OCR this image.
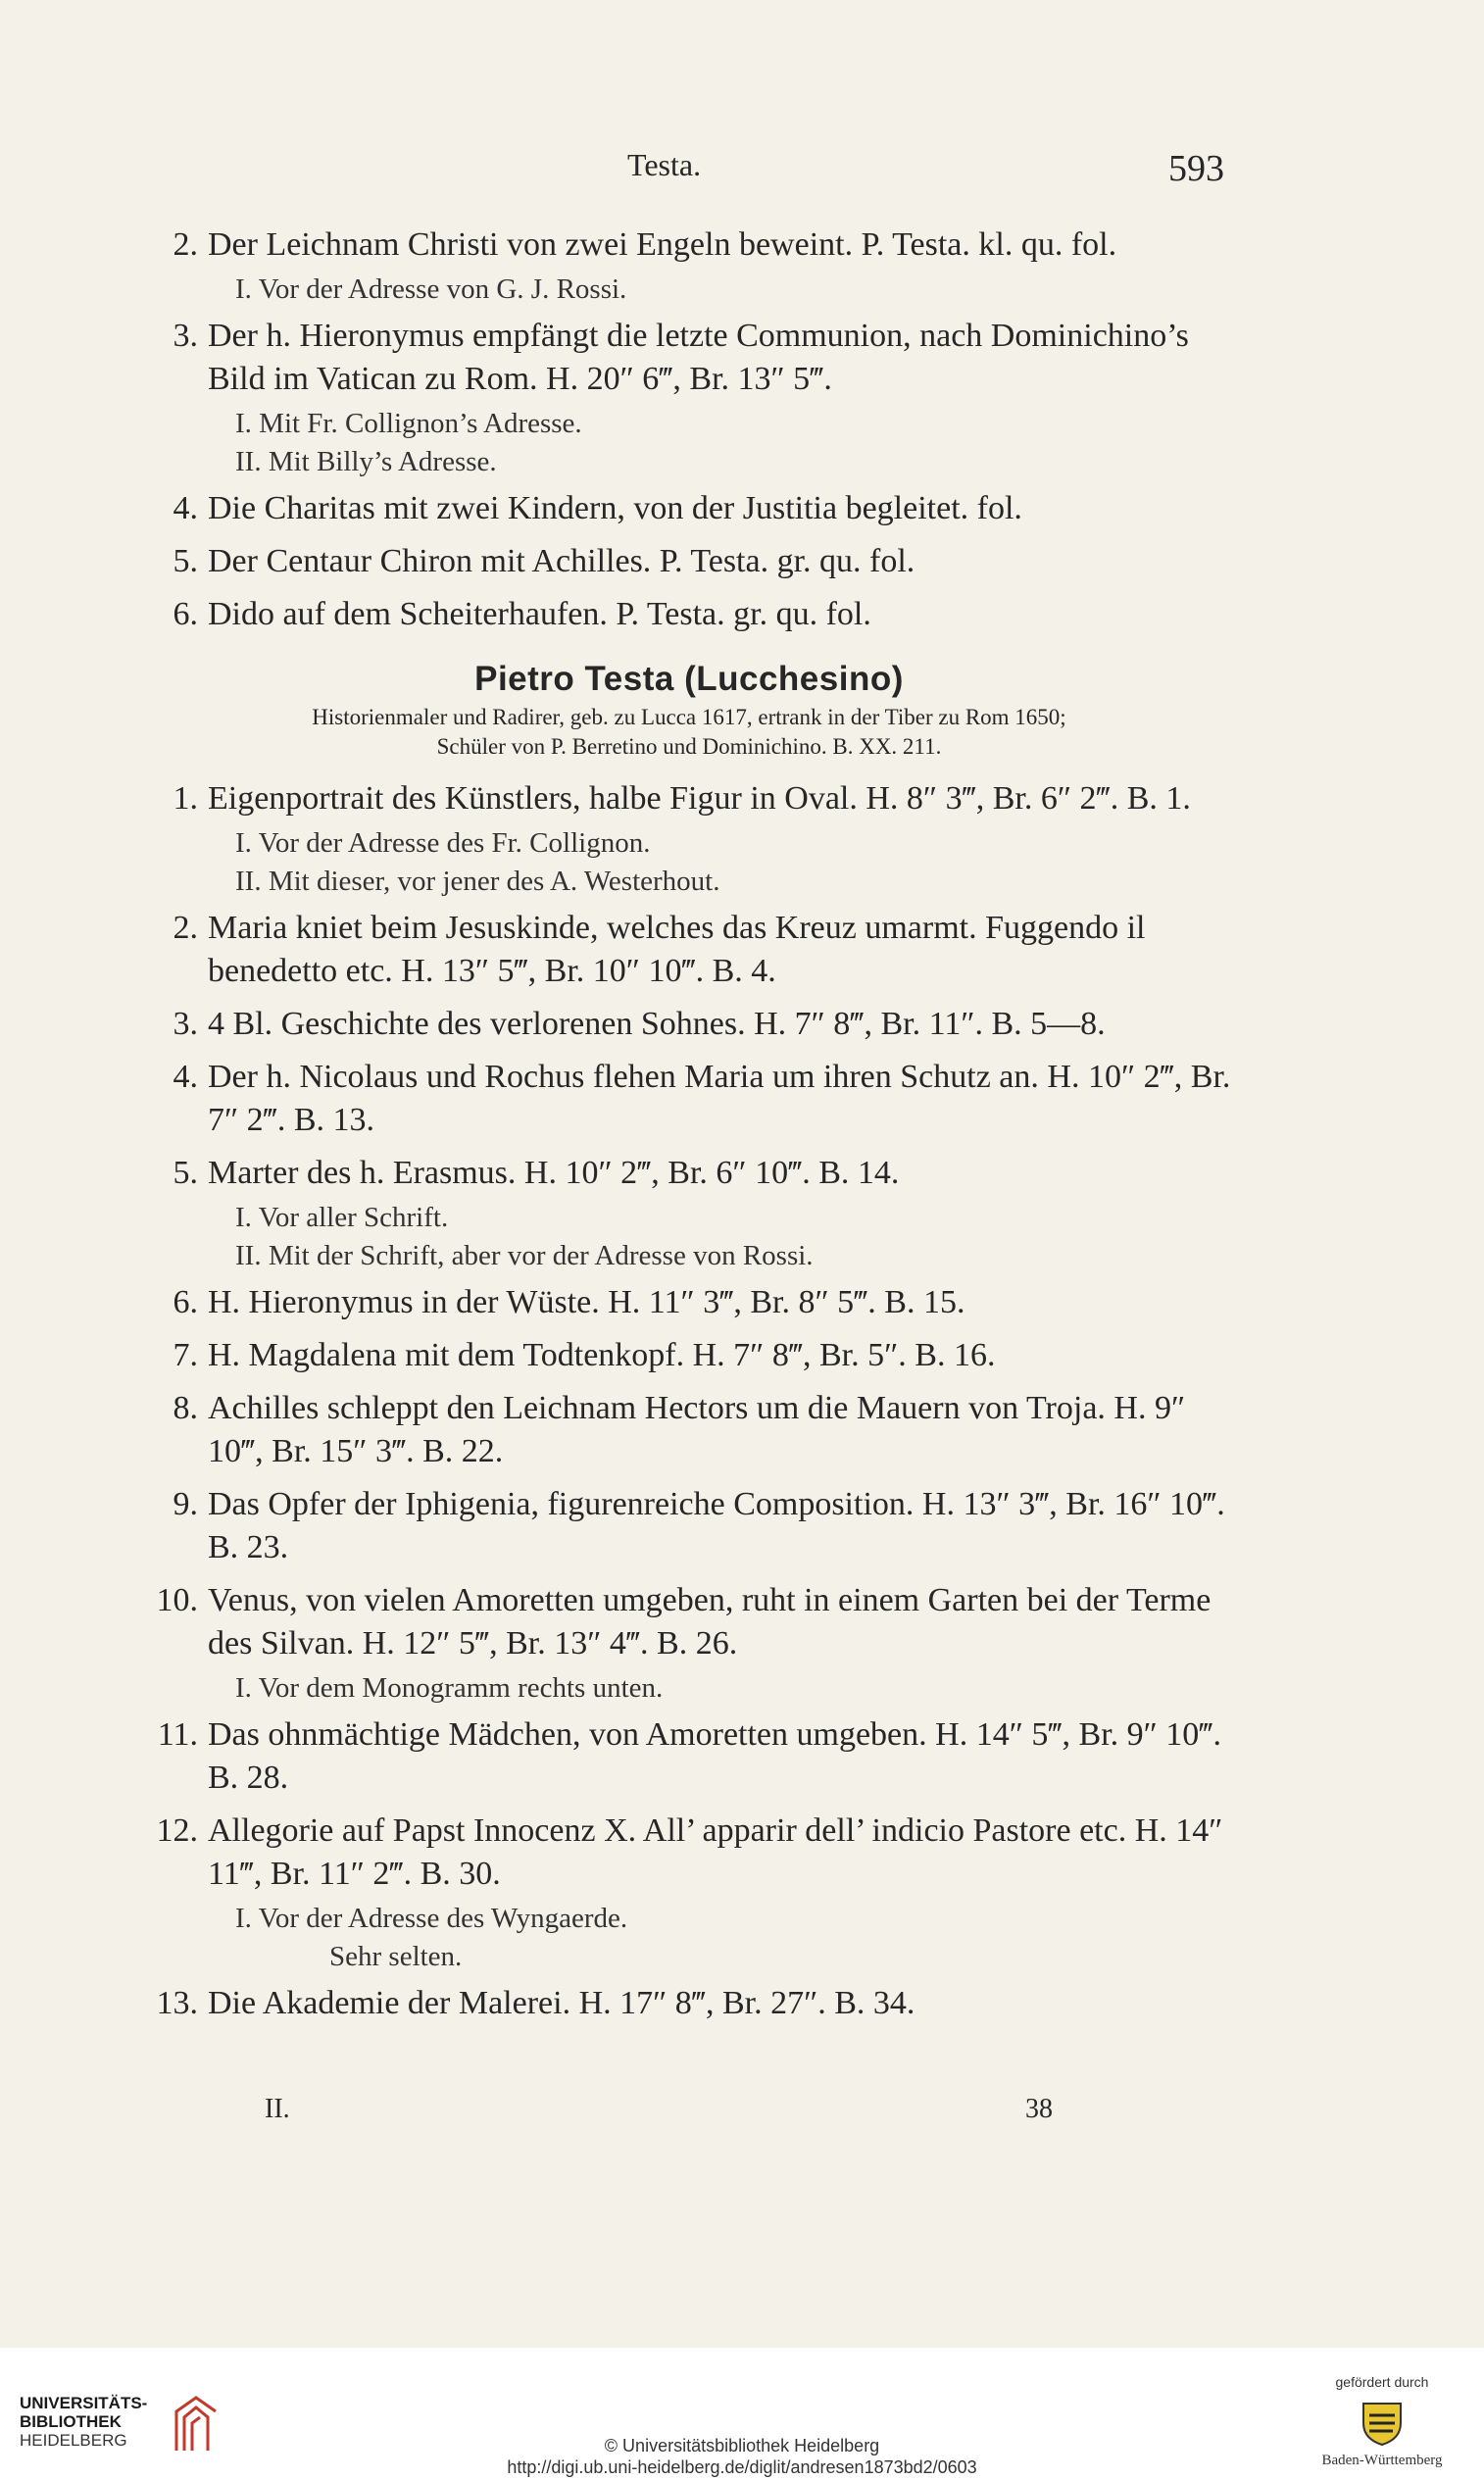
Testa.	593
2. Der Leichnam Christi von zwei Engeln beweint. P. Testa. kl. qu. fol.
I. Vor der Adresse von G. J. Rossi.
3. Der h. Hieronymus empfängt die letzte Communion, nach Dominichino’s Bild im Vatican zu Rom. H. 20″ 6‴, Br. 13″ 5‴.
I. Mit Fr. Collignon’s Adresse.
II. Mit Billy’s Adresse.
4. Die Charitas mit zwei Kindern, von der Justitia begleitet. fol.
5. Der Centaur Chiron mit Achilles. P. Testa. gr. qu. fol.
6. Dido auf dem Scheiterhaufen. P. Testa. gr. qu. fol.
Pietro Testa (Lucchesino)
Historienmaler und Radirer, geb. zu Lucca 1617, ertrank in der Tiber zu Rom 1650;
Schüler von P. Berretino und Dominichino. B. XX. 211.
1. Eigenportrait des Künstlers, halbe Figur in Oval. H. 8″ 3‴, Br. 6″ 2‴. B. 1.
I. Vor der Adresse des Fr. Collignon.
II. Mit dieser, vor jener des A. Westerhout.
2. Maria kniet beim Jesuskinde, welches das Kreuz umarmt. Fuggendo il benedetto etc. H. 13″ 5‴, Br. 10″ 10‴. B. 4.
3. 4 Bl. Geschichte des verlorenen Sohnes. H. 7″ 8‴, Br. 11″. B. 5—8.
4. Der h. Nicolaus und Rochus flehen Maria um ihren Schutz an. H. 10″ 2‴, Br. 7″ 2‴. B. 13.
5. Marter des h. Erasmus. H. 10″ 2‴, Br. 6″ 10‴. B. 14.
I. Vor aller Schrift.
II. Mit der Schrift, aber vor der Adresse von Rossi.
6. H. Hieronymus in der Wüste. H. 11″ 3‴, Br. 8″ 5‴. B. 15.
7. H. Magdalena mit dem Todtenkopf. H. 7″ 8‴, Br. 5″. B. 16.
8. Achilles schleppt den Leichnam Hectors um die Mauern von Troja. H. 9″ 10‴, Br. 15″ 3‴. B. 22.
9. Das Opfer der Iphigenia, figurenreiche Composition. H. 13″ 3‴, Br. 16″ 10‴. B. 23.
10. Venus, von vielen Amoretten umgeben, ruht in einem Garten bei der Terme des Silvan. H. 12″ 5‴, Br. 13″ 4‴. B. 26.
I. Vor dem Monogramm rechts unten.
11. Das ohnmächtige Mädchen, von Amoretten umgeben. H. 14″ 5‴, Br. 9″ 10‴. B. 28.
12. Allegorie auf Papst Innocenz X. All’ apparir dell’ indicio Pastore etc. H. 14″ 11‴, Br. 11″ 2‴. B. 30.
I. Vor der Adresse des Wyngaerde.
Sehr selten.
13. Die Akademie der Malerei. H. 17″ 8‴, Br. 27″. B. 34.
II.	38
UNIVERSITÄTS-
BIBLIOTHEK
HEIDELBERG	© Universitätsbibliothek Heidelberg
http://digi.ub.uni-heidelberg.de/diglit/andresen1873bd2/0603
gefördert durch
Baden-Württemberg
